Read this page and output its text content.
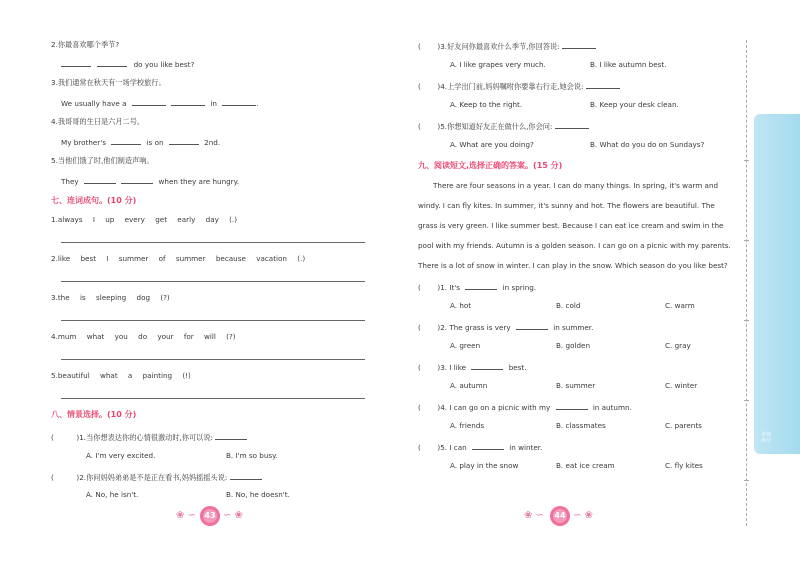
2.你最喜欢哪个季节?
do you like best?
3.我们通常在秋天有一场学校旅行。
We usually have a	in	.
4.我哥哥的生日是六月二号。
My brother's	is on	2nd.
5.当他们饿了时,他们制造声响。
They	when they are hungry.
七、连词成句。(10 分)
1.always I up every get early day (.)
2.like best I summer of summer because vacation (.)
3.the is sleeping dog (?)
4.mum what you do your for will (?)
5.beautiful what a painting (!)
八、情景选择。(10 分)
(	)1.当你想表达你的心情很激动时,你可以说:
A. I'm very excited.	B. I'm so busy.
(	)2.你问妈妈弟弟是不是正在看书,妈妈摇摇头说:
A. No, he isn't.	B. No, he doesn't.
❀ ∽	43 ∽ ❀
( )3.好友问你最喜欢什么季节,你回答说:
A. I like grapes very much.	B. I like autumn best.
( )4.上学出门前,妈妈嘱咐你要靠右行走,她会说:
A. Keep to the right.	B. Keep your desk clean.
( )5.你想知道好友正在做什么,你会问:
A. What are you doing?	B. What do you do on Sundays?
九、阅读短文,选择正确的答案。(15 分)
There are four seasons in a year. I can do many things. In spring, it's warm and
windy. I can fly kites. In summer, it's sunny and hot. The flowers are beautiful. The
grass is very green. I like summer best. Because I can eat ice cream and swim in the
pool with my friends. Autumn is a golden season. I can go on a picnic with my parents.
There is a lot of snow in winter. I can play in the snow. Which season do you like best?
( )1. It's	in spring.
A. hot	B. cold	C. warm
( )2. The grass is very	in summer.
A. green	B. golden	C. gray
( )3. I like	best.
A. autumn	B. summer	C. winter
( )4. I can go on a picnic with my	in autumn.
A. friends	B. classmates	C. parents
( )5. I can	in winter.
A. play in the snow	B. eat ice cream	C. fly kites
❀ ∽	44 ∽ ❀
老师评分
